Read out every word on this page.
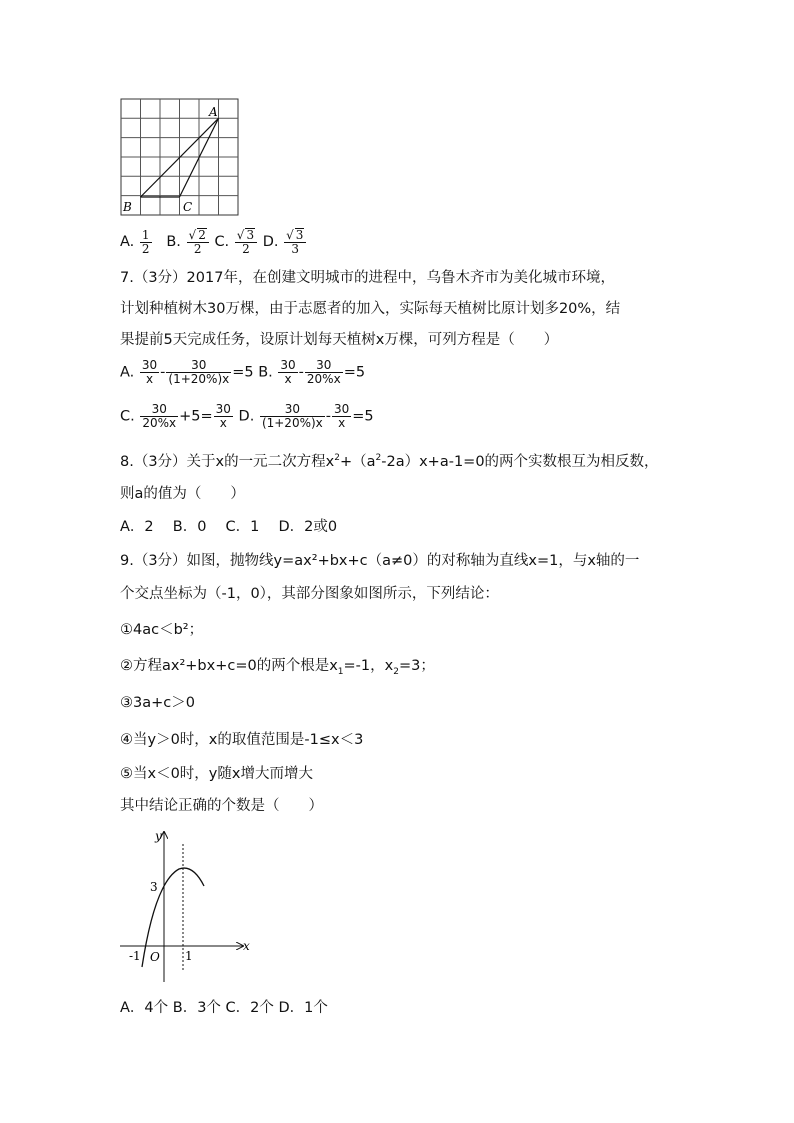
A
B	C
A. $\frac{1}{2} B$. √ $\frac{2}{2} C$. √ $\frac{3}{2} D$. √ $\frac{3}{3}$
7.（3分）2017年，在创建文明城市的进程中，乌鲁木齐市为美化城市环境，
计划种植树木30万棵，由于志愿者的加入，实际每天植树比原计划多20%，结
果提前5天完成任务，设原计划每天植树x万棵，可列方程是（　　）
A. $\frac{30}{x} - \frac{30}{(1+20\%)x} =5$ B. $\frac{30}{x} - \frac{30}{20\%x} =5$
C. $\frac{30}{20\%x} +5= \frac{30}{x} D$. $\frac{30}{(1+20\%)x} - \frac{30}{x} =5$
8.（3分）关于x的一元二次方程$x^2+(a^2-2a)x+a-1=0$的两个实数根互为相反数，
则a的值为（　　）
A．2　 B．0　 C．1　 D．2或0
9.（3分）如图，抛物线y=ax²+bx+c（a≠0）的对称轴为直线x=1，与x轴的一
个交点坐标为（-1，0），其部分图象如图所示，下列结论：
①4ac＜b²；
②方程ax²+bx+c=0的两个根是$x_1=-1$，$x_2=3$；
③3a+c＞0
④当y＞0时，x的取值范围是-1≤x＜3
⑤当x＜0时，y随x增大而增大
其中结论正确的个数是（　　）
y
x
3
-1 O 1
A．4个 B．3个 C．2个 D．1个
